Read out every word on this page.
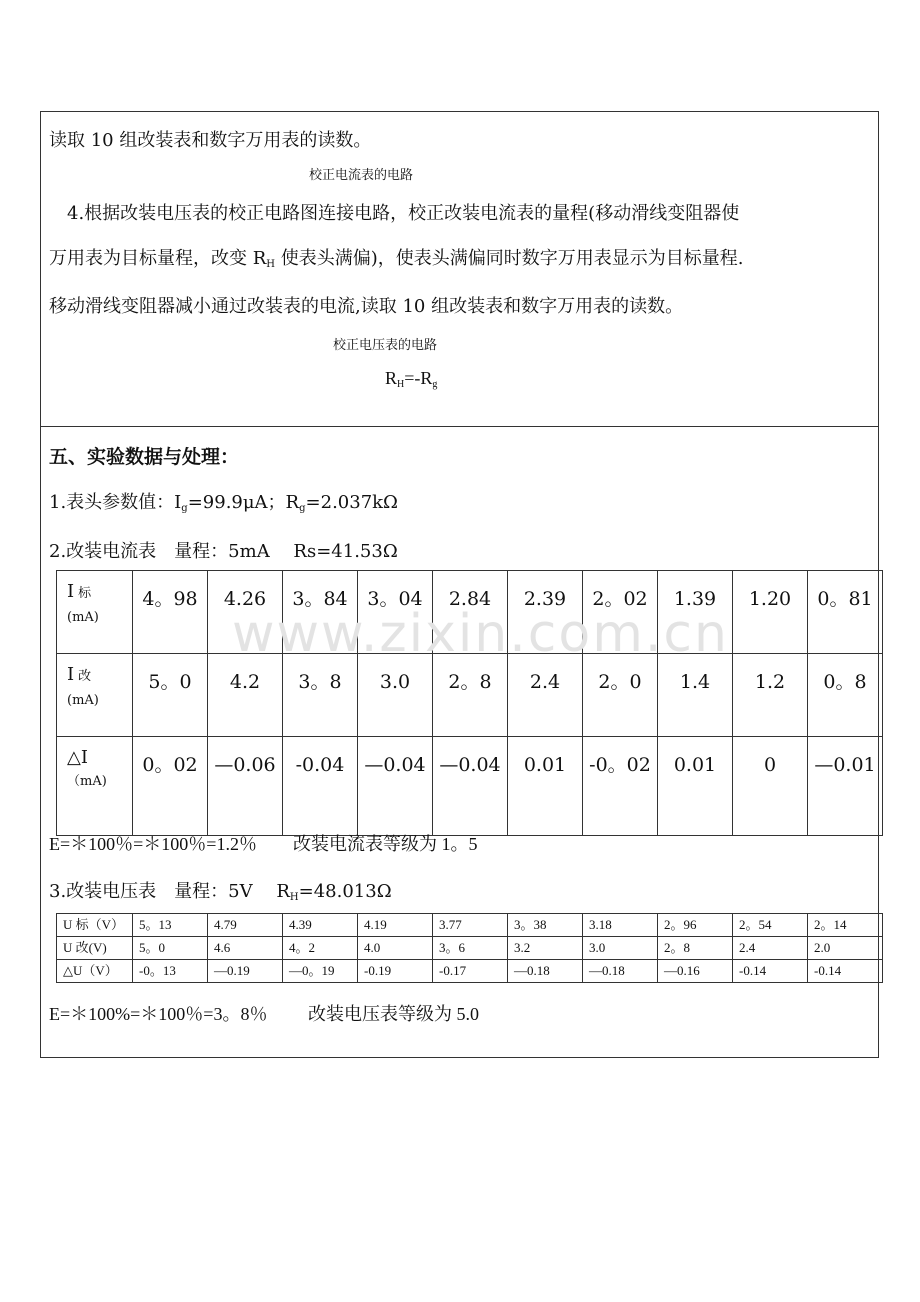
读取 10 组改装表和数字万用表的读数。
校正电流表的电路
4.根据改装电压表的校正电路图连接电路，校正改装电流表的量程(移动滑线变阻器使
万用表为目标量程，改变 $R_H$ 使表头满偏)，使表头满偏同时数字万用表显示为目标量程.
移动滑线变阻器减小通过改装表的电流,读取 10 组改装表和数字万用表的读数。
校正电压表的电路
$R_H=-R_g$
五、实验数据与处理：
1.表头参数值：$I_g=99.9\mu A$；$R_g=2.037k\Omega$
2.改装电流表　量程：5mA　 Rs=41.53Ω
I 标
(mA)	4。98	4.26	3。84	3。04	2.84	2.39	2。02	1.39	1.20	0。81
I 改
(mA)	5。0	4.2	3。8	3.0	2。8	2.4	2。0	1.4	1.2	0。8
△I
（mA)	0。02	—0.06	-0.04	—0.04	—0.04	0.01	-0。02	0.01	0	—0.01
E=＊100％=＊100％=1.2％　　改装电流表等级为 1。5
3.改装电压表　量程：5V　 $R_H=48.013\Omega$
U 标（V）	5。13	4.79	4.39	4.19	3.77	3。38	3.18	2。96	2。54	2。14
U 改(V)	5。0	4.6	4。2	4.0	3。6	3.2	3.0	2。8	2.4	2.0
△U（V）	-0。13	—0.19	—0。19	-0.19	-0.17	—0.18	—0.18	—0.16	-0.14	-0.14
E=＊100%=＊100％=3。8％　　 改装电压表等级为 5.0
www.zixin.com.cn
